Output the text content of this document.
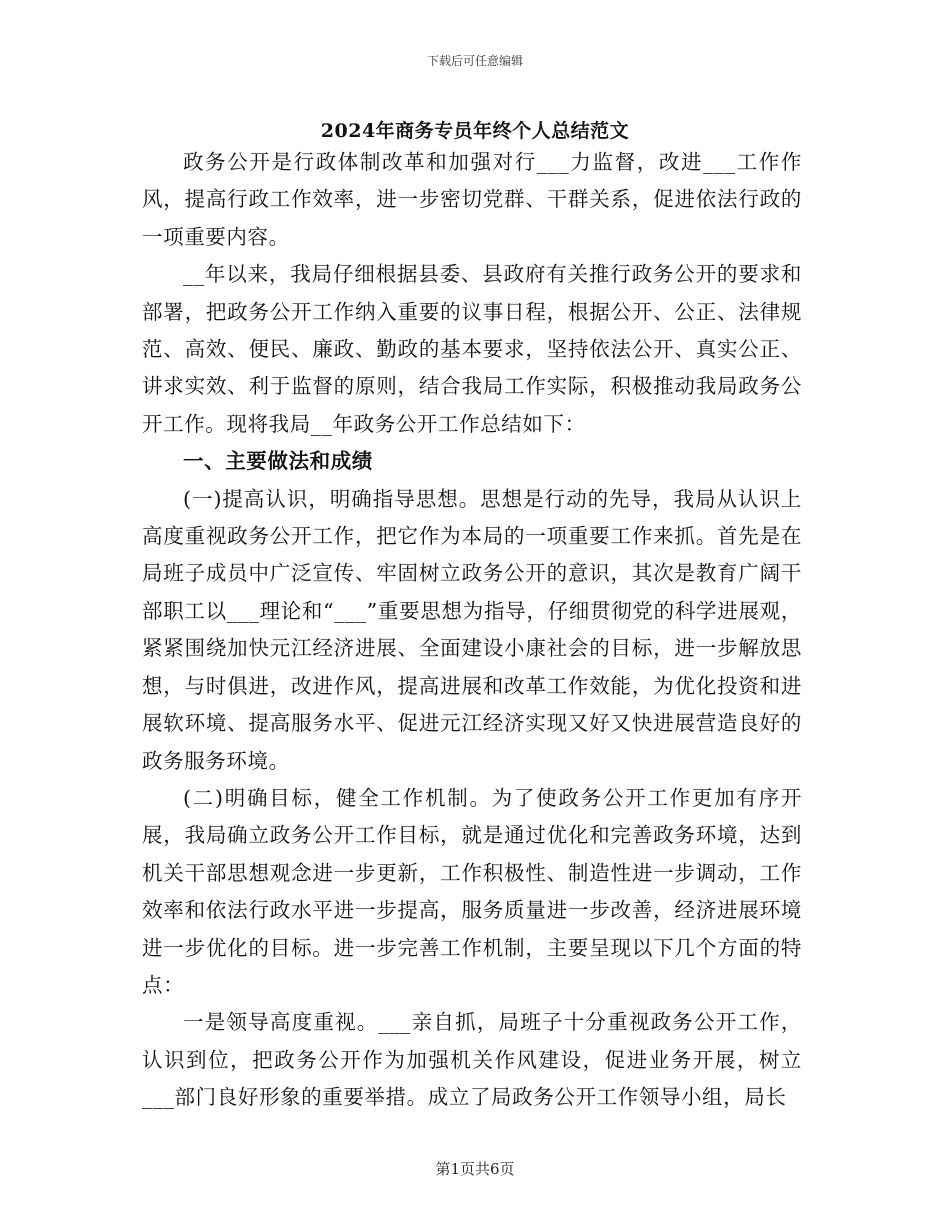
下载后可任意编辑
2024年商务专员年终个人总结范文

政务公开是行政体制改革和加强对行___力监督，改进___工作作风，提高行政工作效率，进一步密切党群、干群关系，促进依法行政的一项重要内容。

__年以来，我局仔细根据县委、县政府有关推行政务公开的要求和部署，把政务公开工作纳入重要的议事日程，根据公开、公正、法律规范、高效、便民、廉政、勤政的基本要求，坚持依法公开、真实公正、讲求实效、利于监督的原则，结合我局工作实际，积极推动我局政务公开工作。现将我局__年政务公开工作总结如下：

一、主要做法和成绩

(一)提高认识，明确指导思想。思想是行动的先导，我局从认识上高度重视政务公开工作，把它作为本局的一项重要工作来抓。首先是在局班子成员中广泛宣传、牢固树立政务公开的意识，其次是教育广阔干部职工以___理论和“___”重要思想为指导，仔细贯彻党的科学进展观，紧紧围绕加快元江经济进展、全面建设小康社会的目标，进一步解放思想，与时俱进，改进作风，提高进展和改革工作效能，为优化投资和进展软环境、提高服务水平、促进元江经济实现又好又快进展营造良好的政务服务环境。

(二)明确目标，健全工作机制。为了使政务公开工作更加有序开展，我局确立政务公开工作目标，就是通过优化和完善政务环境，达到机关干部思想观念进一步更新，工作积极性、制造性进一步调动，工作效率和依法行政水平进一步提高，服务质量进一步改善，经济进展环境进一步优化的目标。进一步完善工作机制，主要呈现以下几个方面的特点：

一是领导高度重视。___亲自抓，局班子十分重视政务公开工作，认识到位，把政务公开作为加强机关作风建设，促进业务开展，树立___部门良好形象的重要举措。成立了局政务公开工作领导小组，局长

第1页共6页
